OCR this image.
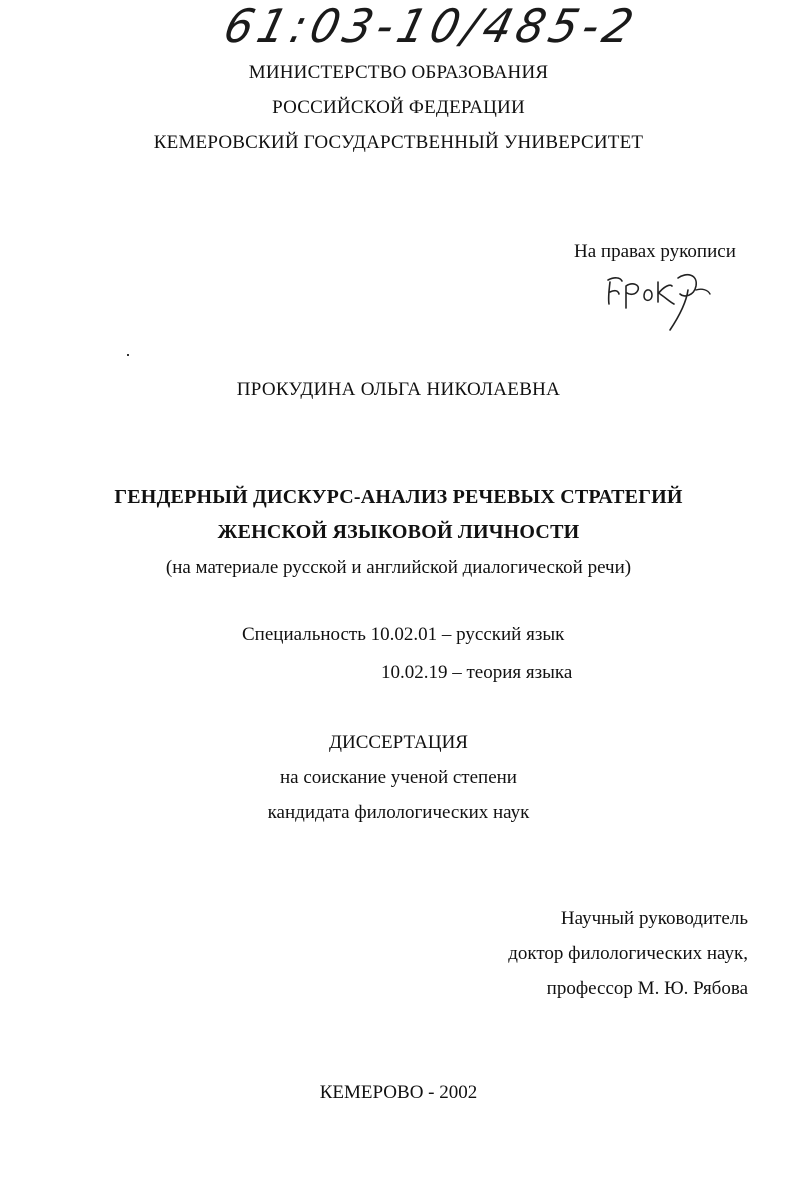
61:03-10/485-2
МИНИСТЕРСТВО ОБРАЗОВАНИЯ
РОССИЙСКОЙ ФЕДЕРАЦИИ
КЕМЕРОВСКИЙ ГОСУДАРСТВЕННЫЙ УНИВЕРСИТЕТ
На правах рукописи
ПРОКУДИНА ОЛЬГА НИКОЛАЕВНА
ГЕНДЕРНЫЙ ДИСКУРС-АНАЛИЗ РЕЧЕВЫХ СТРАТЕГИЙ
ЖЕНСКОЙ ЯЗЫКОВОЙ ЛИЧНОСТИ
(на материале русской и английской диалогической речи)
Специальность 10.02.01 – русский язык
10.02.19 – теория языка
ДИССЕРТАЦИЯ
на соискание ученой степени
кандидата филологических наук
Научный руководитель
доктор филологических наук,
профессор М. Ю. Рябова
КЕМЕРОВО - 2002
